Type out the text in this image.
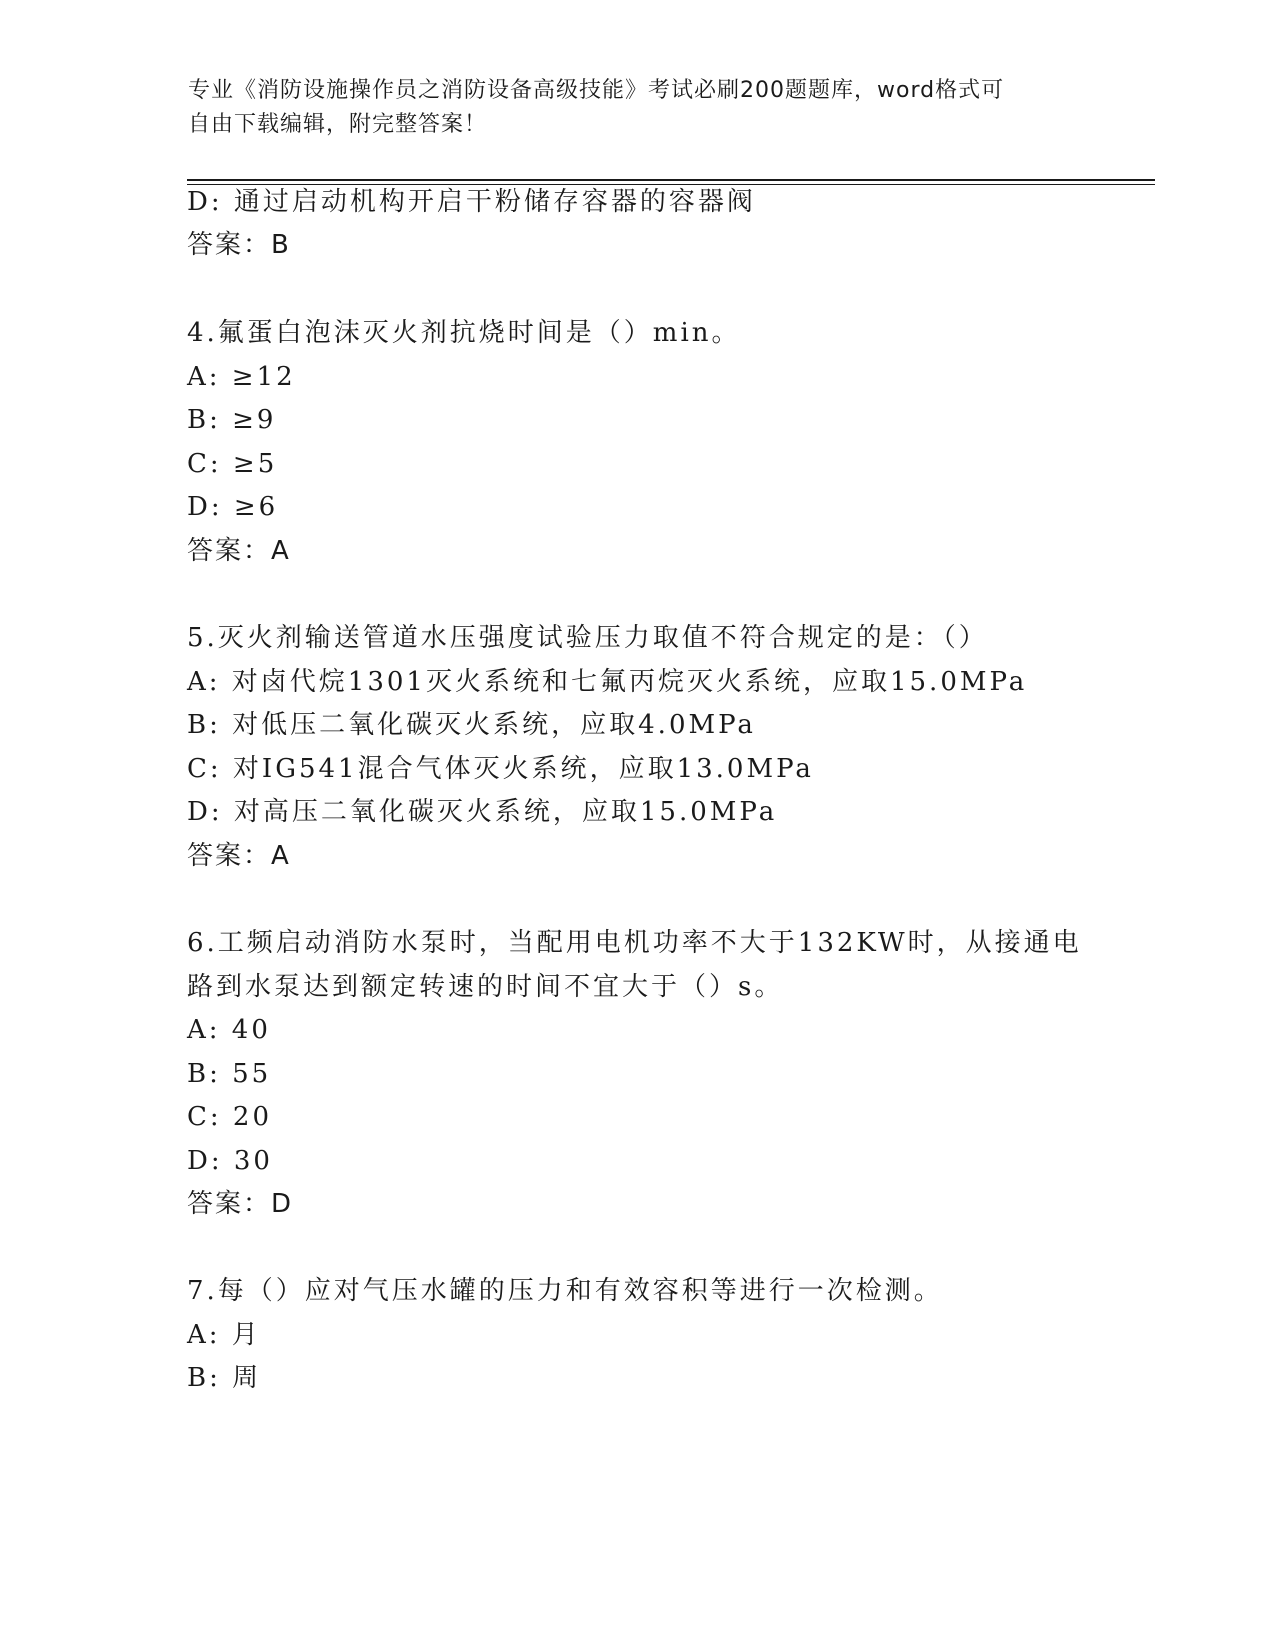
专业《消防设施操作员之消防设备高级技能》考试必刷200题题库，word格式可
自由下载编辑，附完整答案！
D: 通过启动机构开启干粉储存容器的容器阀
答案：B
4.氟蛋白泡沫灭火剂抗烧时间是（）min。
A: ≥12
B: ≥9
C: ≥5
D: ≥6
答案：A
5.灭火剂输送管道水压强度试验压力取值不符合规定的是：（）
A: 对卤代烷1301灭火系统和七氟丙烷灭火系统，应取15.0MPa
B: 对低压二氧化碳灭火系统，应取4.0MPa
C: 对IG541混合气体灭火系统，应取13.0MPa
D: 对高压二氧化碳灭火系统，应取15.0MPa
答案：A
6.工频启动消防水泵时，当配用电机功率不大于132KW时，从接通电
路到水泵达到额定转速的时间不宜大于（）s。
A: 40
B: 55
C: 20
D: 30
答案：D
7.每（）应对气压水罐的压力和有效容积等进行一次检测。
A: 月
B: 周
